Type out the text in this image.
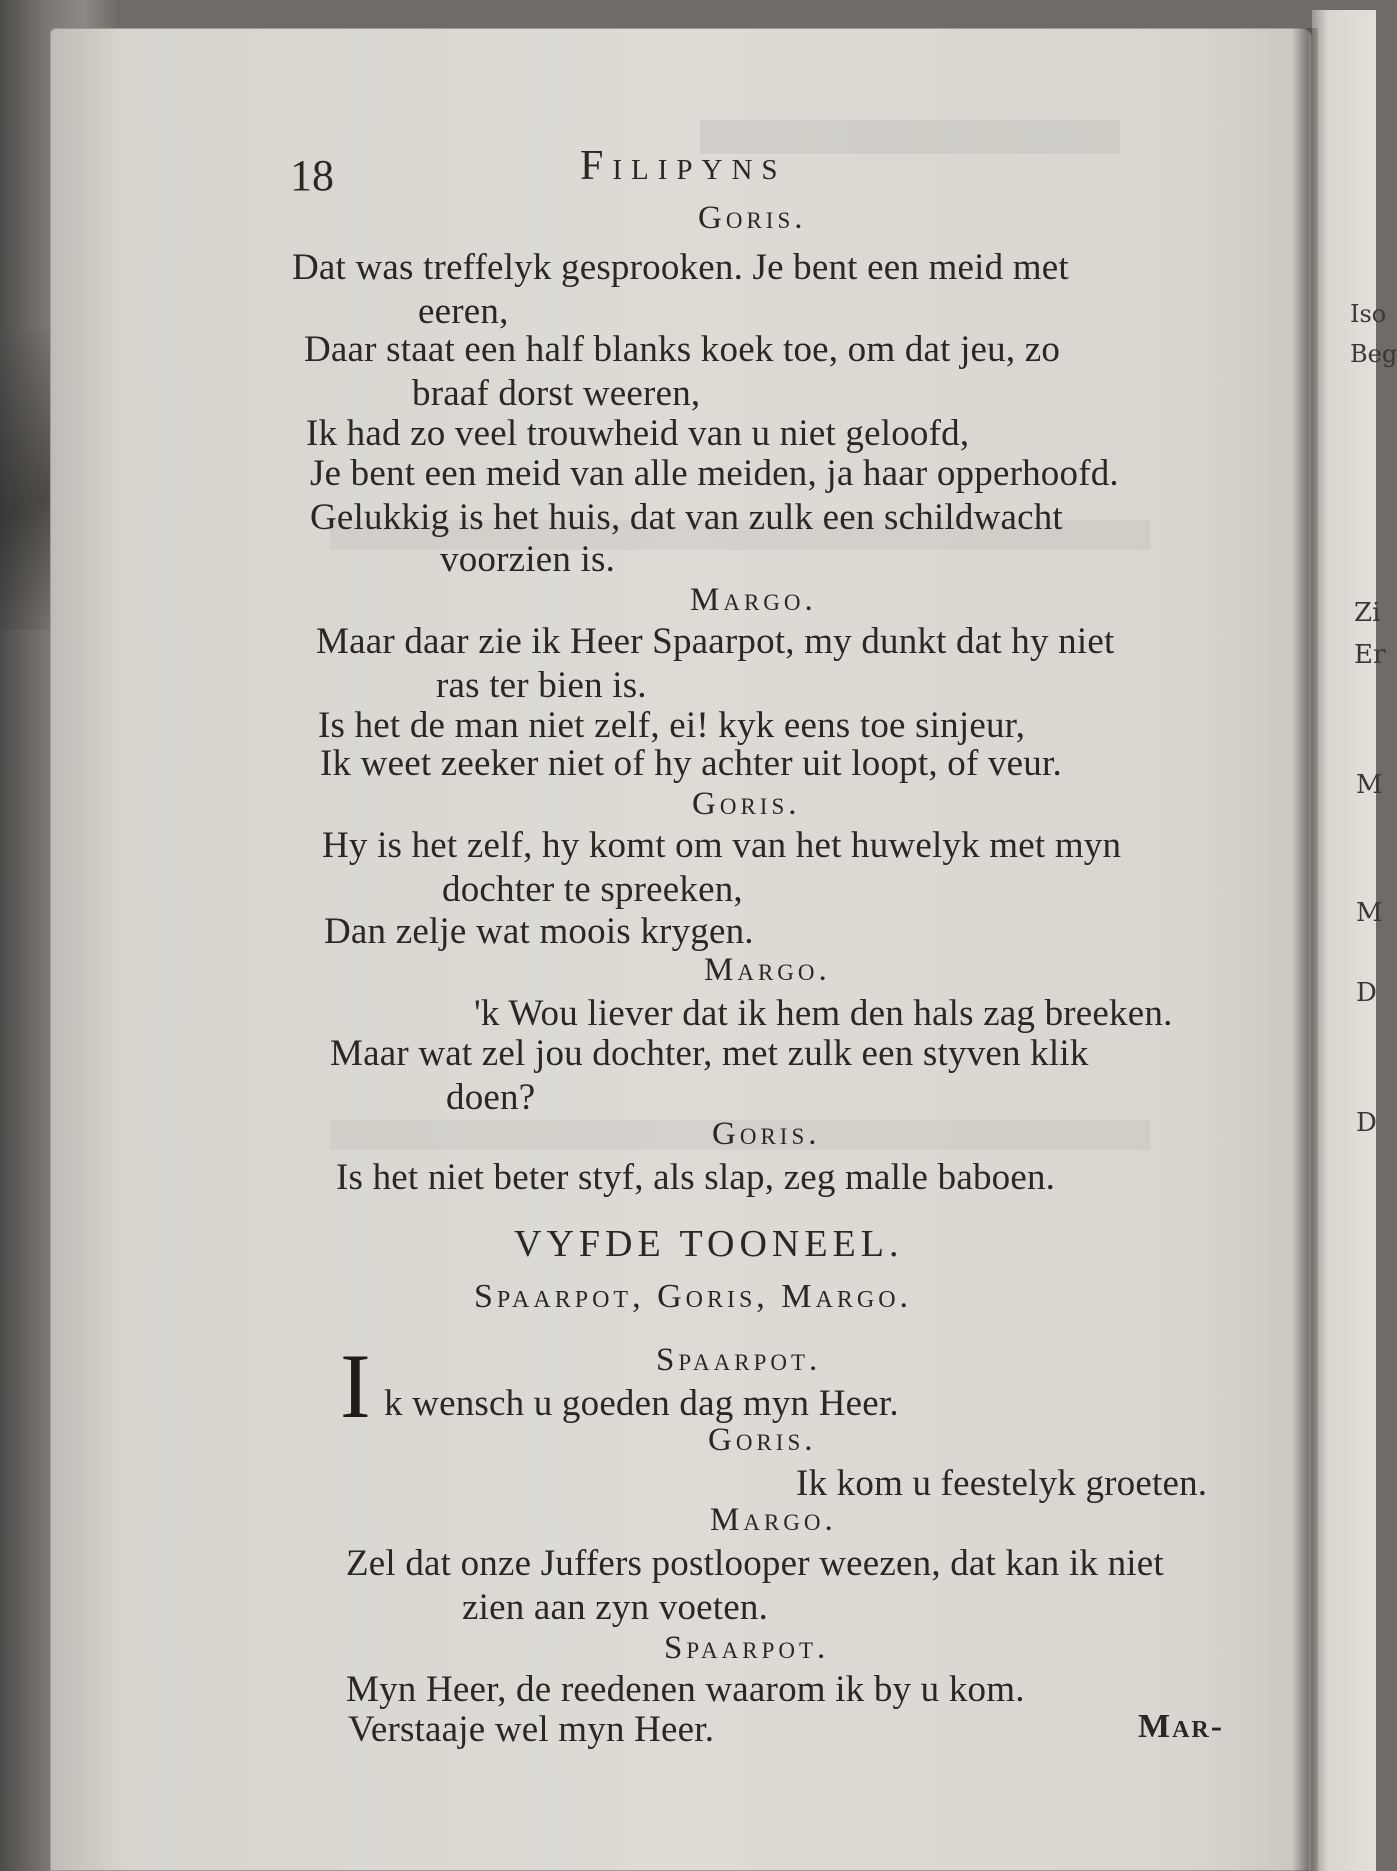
Iso
Beg
Zi
Er
M
M
D
D
18	Filipyns
Goris.
Dat was treffelyk gesprooken. Je bent een meid met
eeren,
Daar staat een half blanks koek toe, om dat jeu, zo
braaf dorst weeren,
Ik had zo veel trouwheid van u niet geloofd,
Je bent een meid van alle meiden, ja haar opperhoofd.
Gelukkig is het huis, dat van zulk een schildwacht
voorzien is.
Margo.
Maar daar zie ik Heer Spaarpot, my dunkt dat hy niet
ras ter bien is.
Is het de man niet zelf, ei! kyk eens toe sinjeur,
Ik weet zeeker niet of hy achter uit loopt, of veur.
Goris.
Hy is het zelf, hy komt om van het huwelyk met myn
dochter te spreeken,
Dan zelje wat moois krygen.
Margo.
'k Wou liever dat ik hem den hals zag breeken.
Maar wat zel jou dochter, met zulk een styven klik
doen?
Goris.
Is het niet beter styf, als slap, zeg malle baboen.
VYFDE TOONEEL.
Spaarpot, Goris, Margo.
Spaarpot.
I k wensch u goeden dag myn Heer.
Goris.
Ik kom u feestelyk groeten.
Margo.
Zel dat onze Juffers postlooper weezen, dat kan ik niet
zien aan zyn voeten.
Spaarpot.
Myn Heer, de reedenen waarom ik by u kom.
Verstaaje wel myn Heer.	Mar-
